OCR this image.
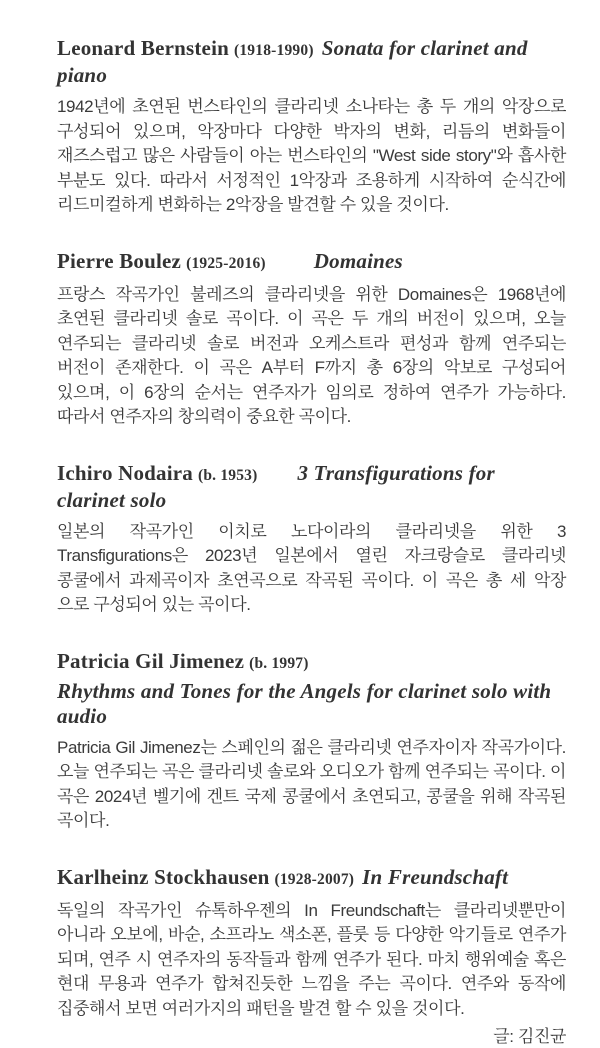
Leonard Bernstein (1918-1990) Sonata for clarinet and piano

1942년에 초연된 번스타인의 클라리넷 소나타는 총 두 개의 악장으로 구성되어 있으며, 악장마다 다양한 박자의 변화, 리듬의 변화들이 재즈스럽고 많은 사람들이 아는 번스타인의 "West side story"와 흡사한 부분도 있다. 따라서 서정적인 1악장과 조용하게 시작하여 순식간에 리드미컬하게 변화하는 2악장을 발견할 수 있을 것이다.

Pierre Boulez (1925-2016) Domaines

프랑스 작곡가인 불레즈의 클라리넷을 위한 Domaines은 1968년에 초연된 클라리넷 솔로 곡이다. 이 곡은 두 개의 버전이 있으며, 오늘 연주되는 클라리넷 솔로 버전과 오케스트라 편성과 함께 연주되는 버전이 존재한다. 이 곡은 A부터 F까지 총 6장의 악보로 구성되어 있으며, 이 6장의 순서는 연주자가 임의로 정하여 연주가 가능하다. 따라서 연주자의 창의력이 중요한 곡이다.

Ichiro Nodaira (b. 1953) 3 Transfigurations for clarinet solo

일본의 작곡가인 이치로 노다이라의 클라리넷을 위한 3 Transfigurations은 2023년 일본에서 열린 자크랑슬로 클라리넷 콩쿨에서 과제곡이자 초연곡으로 작곡된 곡이다. 이 곡은 총 세 악장 으로 구성되어 있는 곡이다.

Patricia Gil Jimenez (b. 1997)
Rhythms and Tones for the Angels for clarinet solo with audio

Patricia Gil Jimenez는 스페인의 젊은 클라리넷 연주자이자 작곡가이다. 오늘 연주되는 곡은 클라리넷 솔로와 오디오가 함께 연주되는 곡이다. 이 곡은 2024년 벨기에 겐트 국제 콩쿨에서 초연되고, 콩쿨을 위해 작곡된 곡이다.

Karlheinz Stockhausen (1928-2007) In Freundschaft

독일의 작곡가인 슈톡하우젠의 In Freundschaft는 클라리넷뿐만이 아니라 오보에, 바순, 소프라노 색소폰, 플룻 등 다양한 악기들로 연주가 되며, 연주 시 연주자의 동작들과 함께 연주가 된다. 마치 행위예술 혹은 현대 무용과 연주가 합쳐진듯한 느낌을 주는 곡이다. 연주와 동작에 집중해서 보면 여러가지의 패턴을 발견 할 수 있을 것이다.

글: 김진균
